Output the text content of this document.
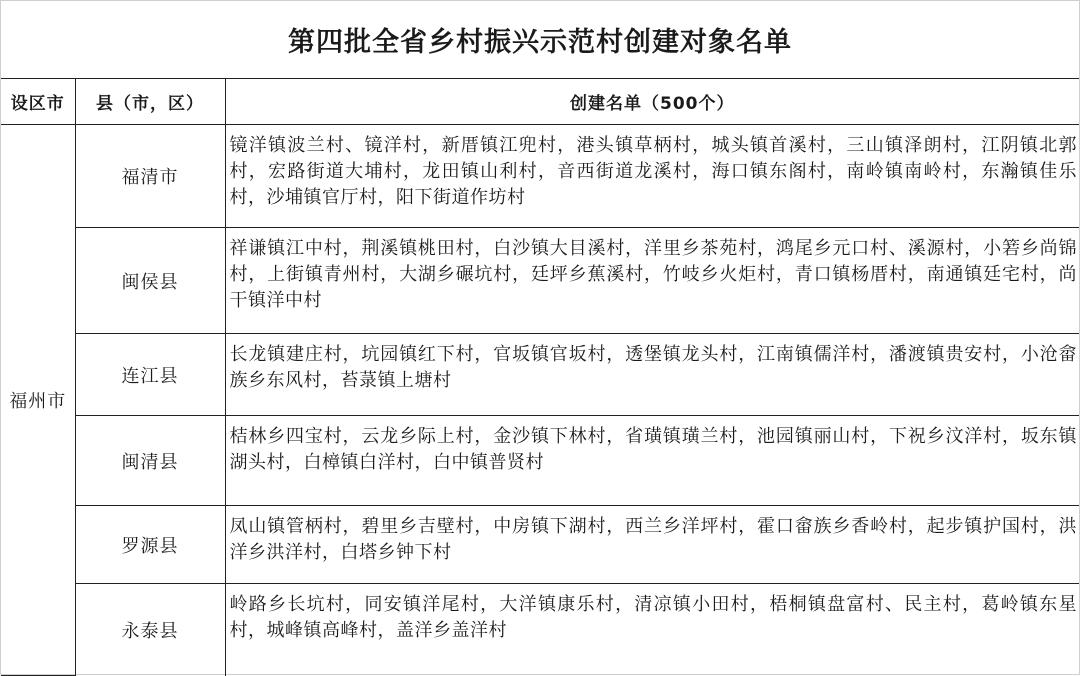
第四批全省乡村振兴示范村创建对象名单
设区市	县（市，区）	创建名单（500个）
福州市	福清市	镜洋镇波兰村、镜洋村，新厝镇江兜村，港头镇草柄村，城头镇首溪村，三山镇泽朗村，江阴镇北郭村，宏路街道大埔村，龙田镇山利村，音西街道龙溪村，海口镇东阁村，南岭镇南岭村，东瀚镇佳乐村，沙埔镇官厅村，阳下街道作坊村
	闽侯县	祥谦镇江中村，荆溪镇桃田村，白沙镇大目溪村，洋里乡茶苑村，鸿尾乡元口村、溪源村，小箬乡尚锦村，上街镇青州村，大湖乡碾坑村，廷坪乡蕉溪村，竹岐乡火炬村，青口镇杨厝村，南通镇廷宅村，尚干镇洋中村
	连江县	长龙镇建庄村，坑园镇红下村，官坂镇官坂村，透堡镇龙头村，江南镇儒洋村，潘渡镇贵安村，小沧畲族乡东风村，苔菉镇上塘村
	闽清县	桔林乡四宝村，云龙乡际上村，金沙镇下林村，省璜镇璜兰村，池园镇丽山村，下祝乡汶洋村，坂东镇湖头村，白樟镇白洋村，白中镇普贤村
	罗源县	凤山镇管柄村，碧里乡吉壁村，中房镇下湖村，西兰乡洋坪村，霍口畲族乡香岭村，起步镇护国村，洪洋乡洪洋村，白塔乡钟下村
	永泰县	岭路乡长坑村，同安镇洋尾村，大洋镇康乐村，清凉镇小田村，梧桐镇盘富村、民主村，葛岭镇东星村，城峰镇高峰村，盖洋乡盖洋村
